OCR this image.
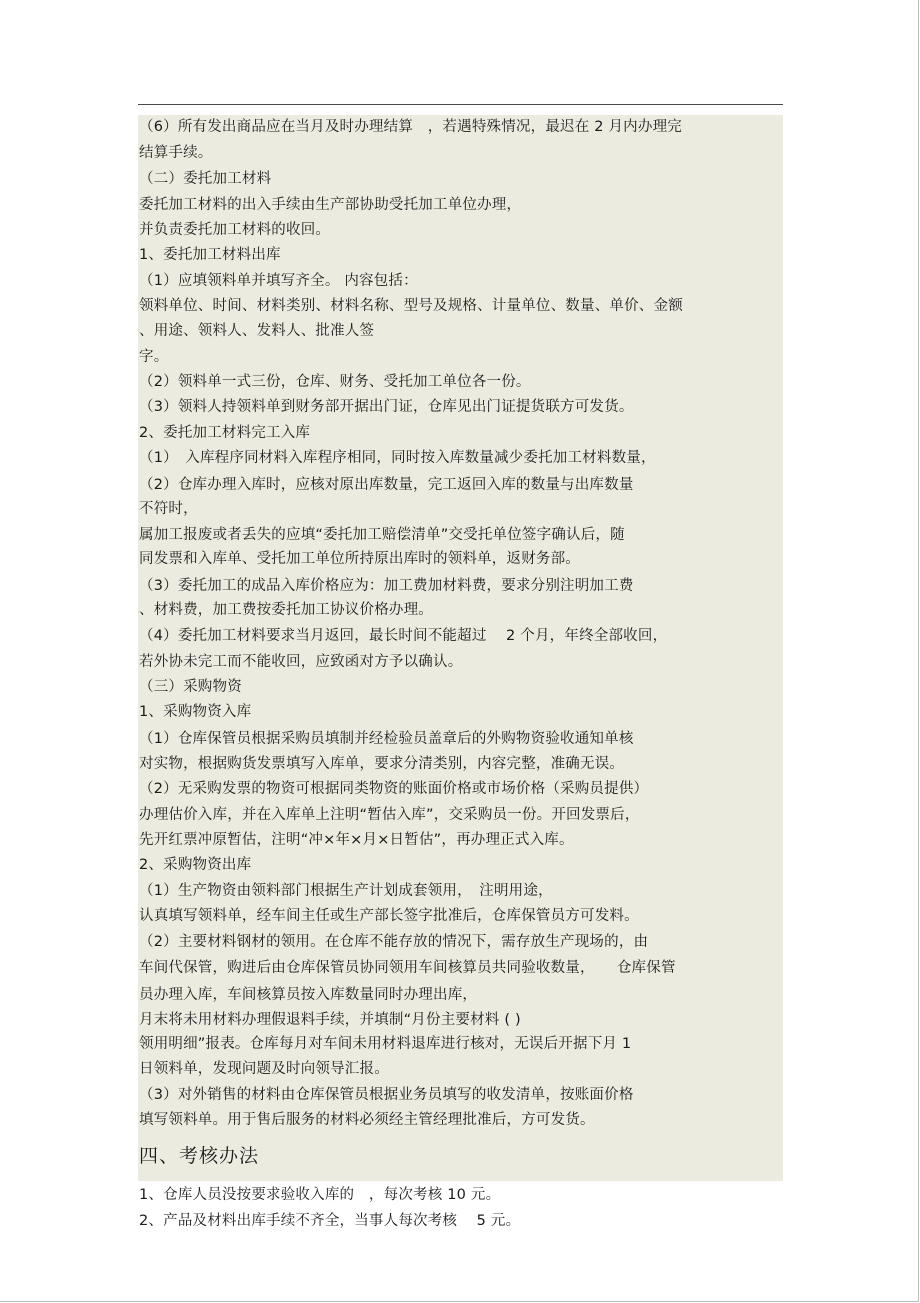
（6）所有发出商品应在当月及时办理结算　，若遇特殊情况，最迟在 2 月内办理完
结算手续。
（二）委托加工材料
委托加工材料的出入手续由生产部协助受托加工单位办理，
并负责委托加工材料的收回。
1、委托加工材料出库
（1）应填领料单并填写齐全。 内容包括：
领料单位、时间、材料类别、材料名称、型号及规格、计量单位、数量、单价、金额
、用途、领料人、发料人、批准人签
字。
（2）领料单一式三份，仓库、财务、受托加工单位各一份。
（3）领料人持领料单到财务部开据出门证，仓库见出门证提货联方可发货。
2、委托加工材料完工入库
（1）　入库程序同材料入库程序相同，同时按入库数量减少委托加工材料数量，
（2）仓库办理入库时，应核对原出库数量，完工返回入库的数量与出库数量
不符时，
属加工报废或者丢失的应填“委托加工赔偿清单”交受托单位签字确认后，随
同发票和入库单、受托加工单位所持原出库时的领料单，返财务部。
（3）委托加工的成品入库价格应为：加工费加材料费，要求分别注明加工费
、材料费，加工费按委托加工协议价格办理。
（4）委托加工材料要求当月返回，最长时间不能超过　 2 个月，年终全部收回，
若外协未完工而不能收回，应致函对方予以确认。
（三）采购物资
1、采购物资入库
（1）仓库保管员根据采购员填制并经检验员盖章后的外购物资验收通知单核
对实物，根据购货发票填写入库单，要求分清类别，内容完整，准确无误。
（2）无采购发票的物资可根据同类物资的账面价格或市场价格（采购员提供）
办理估价入库，并在入库单上注明“暂估入库”，交采购员一份。开回发票后，
先开红票冲原暂估，注明“冲×年×月×日暂估”，再办理正式入库。
2、采购物资出库
（1）生产物资由领料部门根据生产计划成套领用，　注明用途，
认真填写领料单，经车间主任或生产部长签字批准后，仓库保管员方可发料。
（2）主要材料钢材的领用。在仓库不能存放的情况下，需存放生产现场的，由
车间代保管，购进后由仓库保管员协同领用车间核算员共同验收数量，　　仓库保管
员办理入库，车间核算员按入库数量同时办理出库，
月末将未用材料办理假退料手续，并填制“月份主要材料 ( )
领用明细”报表。仓库每月对车间未用材料退库进行核对，无误后开据下月 1
日领料单，发现问题及时向领导汇报。
（3）对外销售的材料由仓库保管员根据业务员填写的收发清单，按账面价格
填写领料单。用于售后服务的材料必须经主管经理批准后，方可发货。
四、考核办法
1、仓库人员没按要求验收入库的　，每次考核 10 元。
2、产品及材料出库手续不齐全，当事人每次考核　 5 元。
